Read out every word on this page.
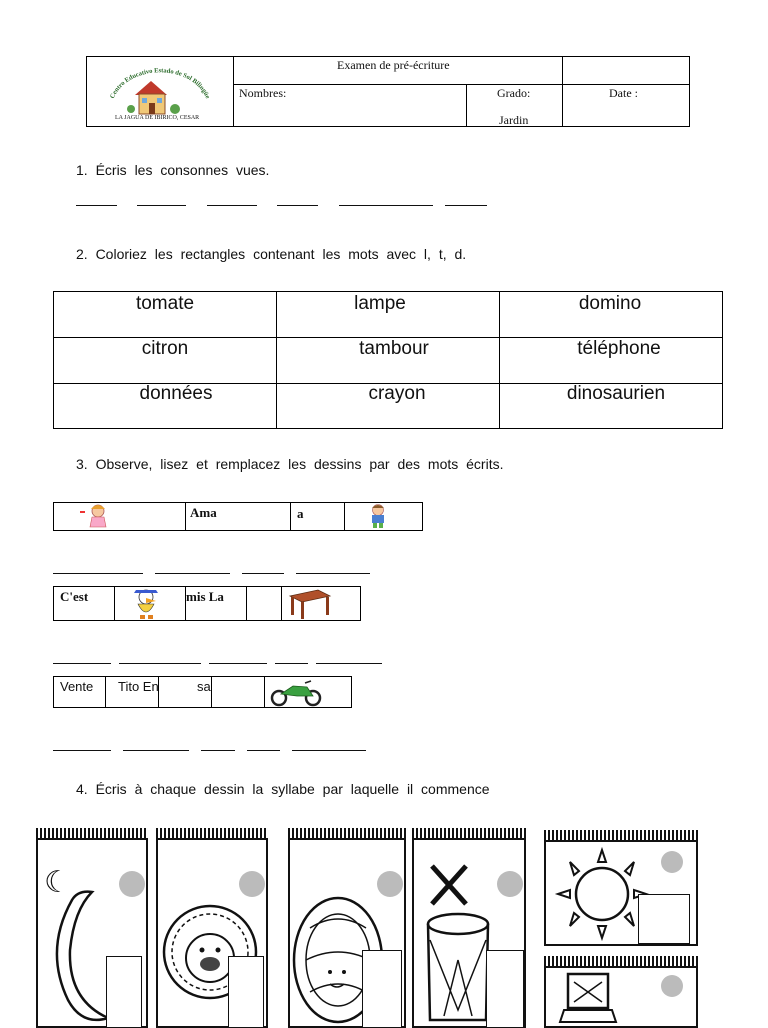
Centro Educativo Estado de Sol Bilingüe
LA JAGUA DE IBIRICO, CESAR
Examen de pré-écriture
Nombres:	Grado:
Jardin
Date :
1. Écris les consonnes vues.
2. Coloriez les rectangles contenant les mots avec l, t, d.
tomate	lampe	domino
citron	tambour	téléphone
données	crayon	dinosaurien
3. Observe, lisez et remplacez les dessins par des mots écrits.
Ama	a
C'est	mis La
Vente Tito En	sa
4. Écris à chaque dessin la syllabe par laquelle il commence
☾
